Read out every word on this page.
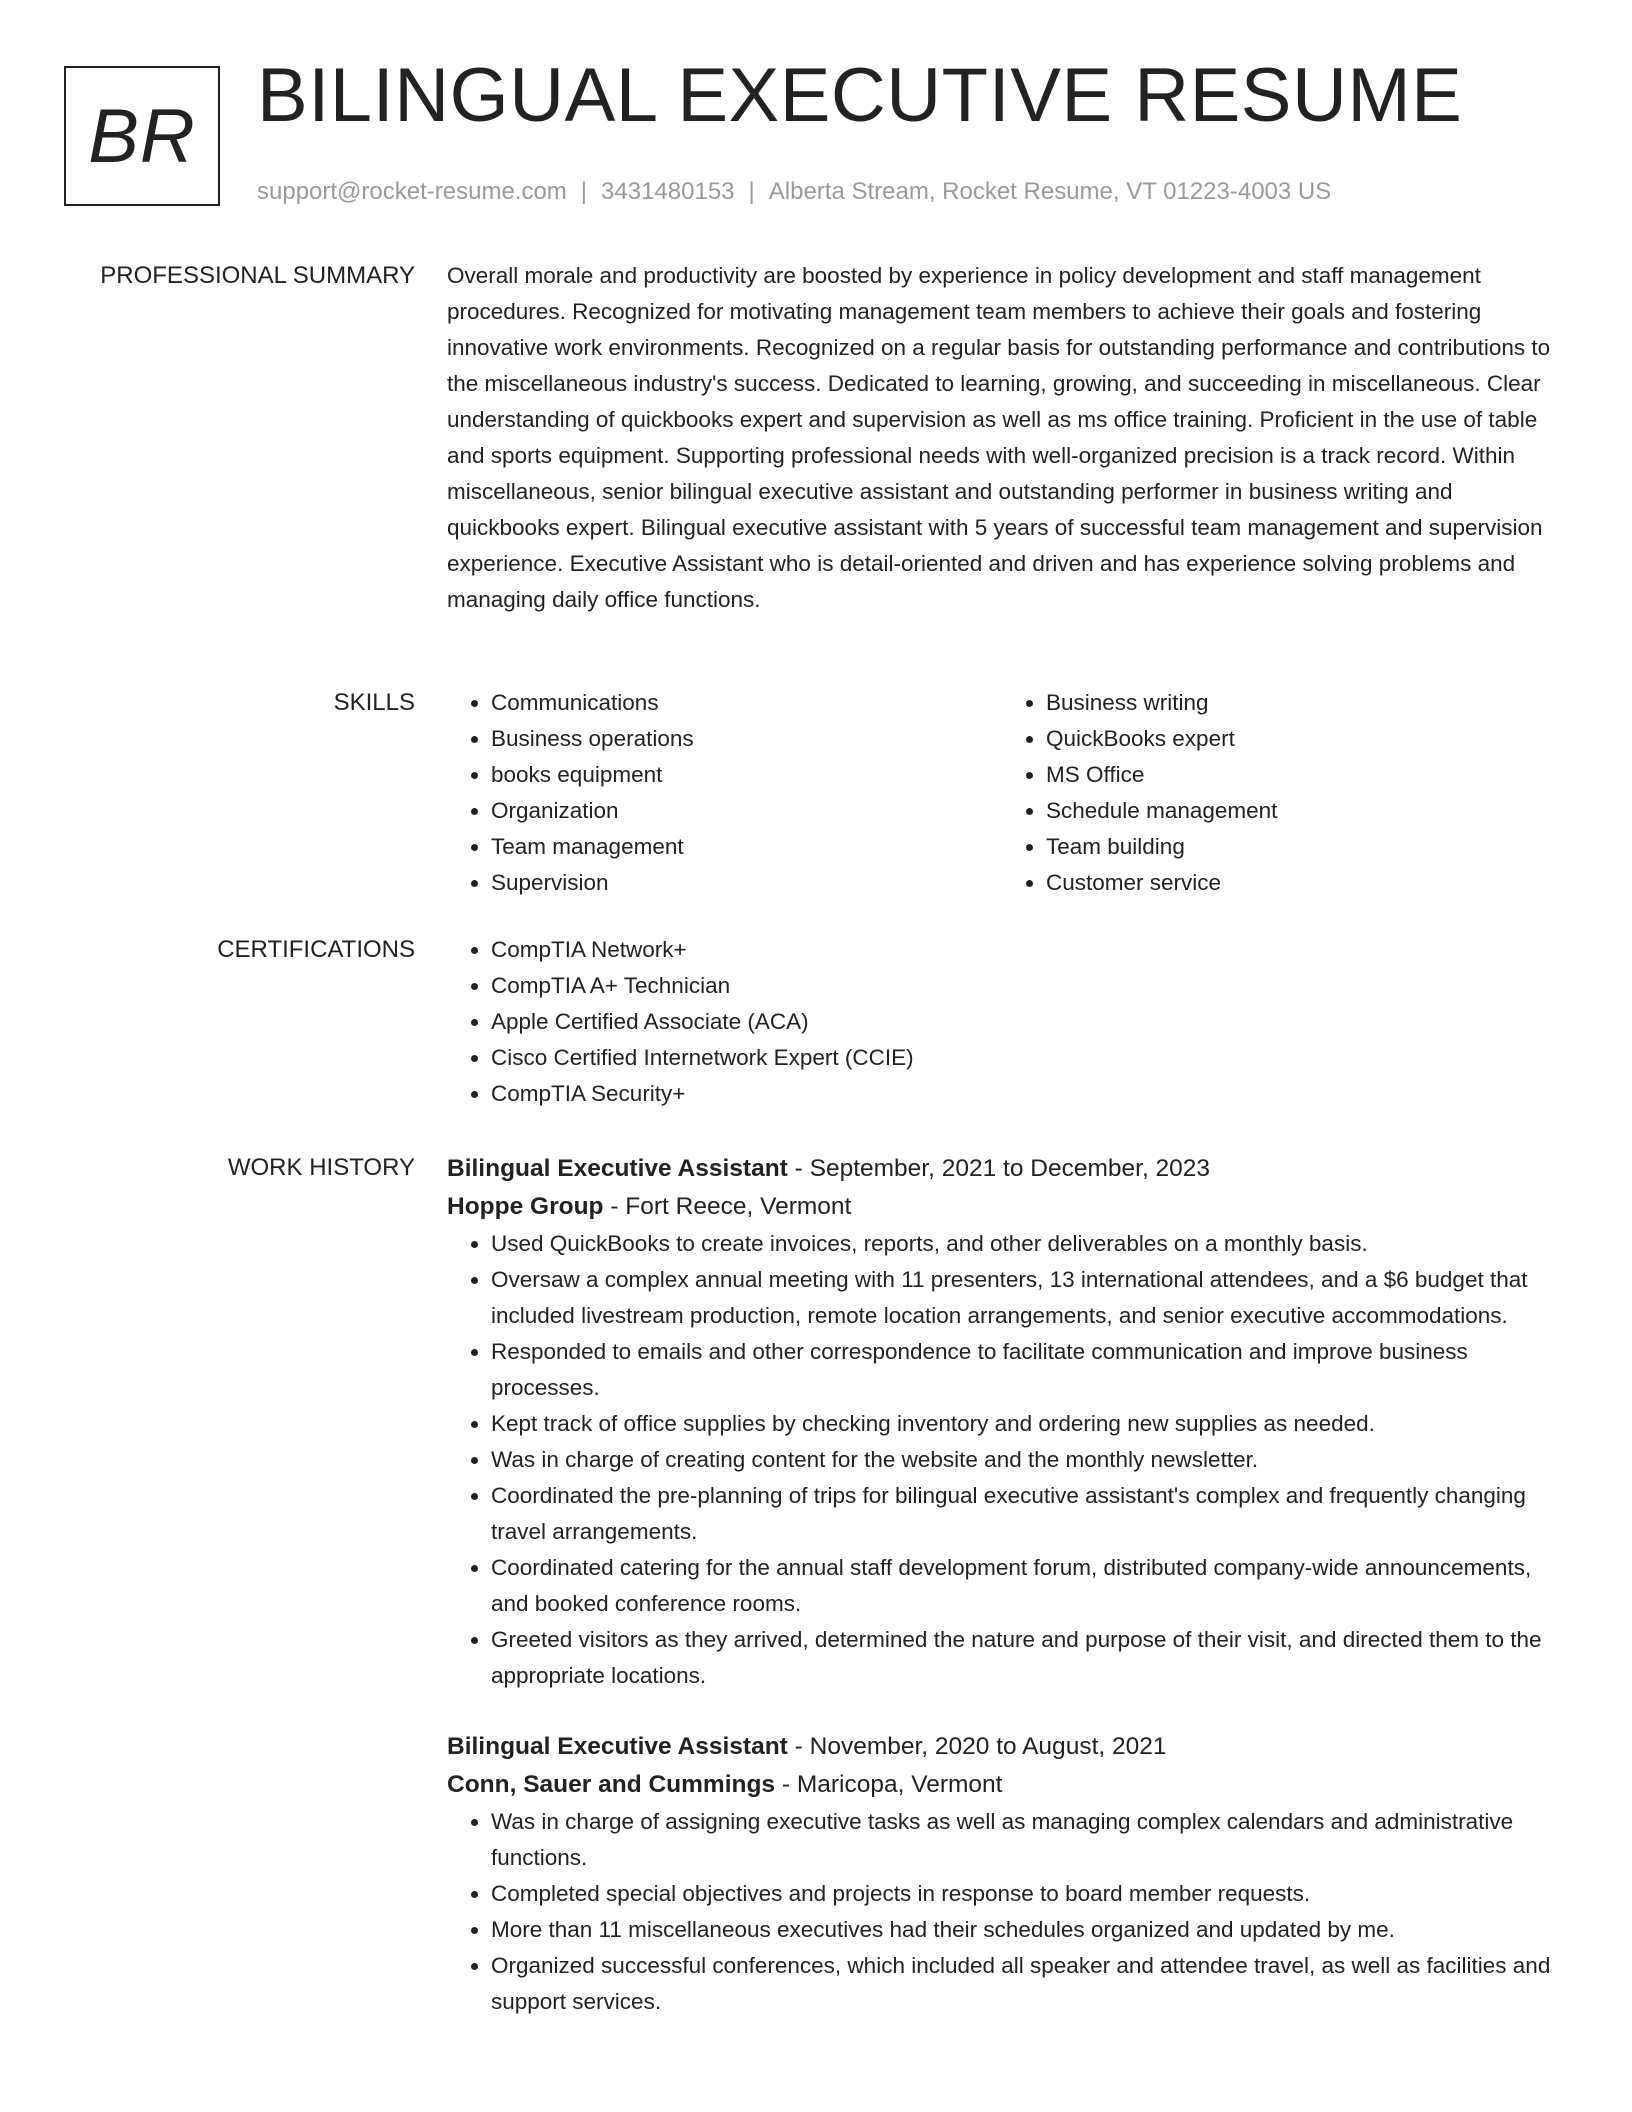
BR BILINGUAL EXECUTIVE RESUME
support@rocket-resume.com | 3431480153 | Alberta Stream, Rocket Resume, VT 01223-4003 US
PROFESSIONAL SUMMARY Overall morale and productivity are boosted by experience in policy development and staff management procedures. Recognized for motivating management team members to achieve their goals and fostering innovative work environments. Recognized on a regular basis for outstanding performance and contributions to the miscellaneous industry's success. Dedicated to learning, growing, and succeeding in miscellaneous. Clear understanding of quickbooks expert and supervision as well as ms office training. Proficient in the use of table and sports equipment. Supporting professional needs with well-organized precision is a track record. Within miscellaneous, senior bilingual executive assistant and outstanding performer in business writing and quickbooks expert. Bilingual executive assistant with 5 years of successful team management and supervision experience. Executive Assistant who is detail-oriented and driven and has experience solving problems and managing daily office functions.

SKILLS	• Communications
• Business operations
• books equipment
• Organization
• Team management
• Supervision
• Business writing
• QuickBooks expert
• MS Office
• Schedule management
• Team building
• Customer service
CERTIFICATIONS	• CompTIA Network+
• CompTIA A+ Technician
• Apple Certified Associate (ACA)
• Cisco Certified Internetwork Expert (CCIE)
• CompTIA Security+
WORK HISTORY Bilingual Executive Assistant - September, 2021 to December, 2023
Hoppe Group - Fort Reece, Vermont
• Used QuickBooks to create invoices, reports, and other deliverables on a monthly basis.
• Oversaw a complex annual meeting with 11 presenters, 13 international attendees, and a $6 budget that included livestream production, remote location arrangements, and senior executive accommodations.
• Responded to emails and other correspondence to facilitate communication and improve business processes.
• Kept track of office supplies by checking inventory and ordering new supplies as needed.
• Was in charge of creating content for the website and the monthly newsletter.
• Coordinated the pre-planning of trips for bilingual executive assistant's complex and frequently changing travel arrangements.
• Coordinated catering for the annual staff development forum, distributed company-wide announcements, and booked conference rooms.
• Greeted visitors as they arrived, determined the nature and purpose of their visit, and directed them to the appropriate locations.
Bilingual Executive Assistant - November, 2020 to August, 2021
Conn, Sauer and Cummings - Maricopa, Vermont
• Was in charge of assigning executive tasks as well as managing complex calendars and administrative functions.
• Completed special objectives and projects in response to board member requests.
• More than 11 miscellaneous executives had their schedules organized and updated by me.
• Organized successful conferences, which included all speaker and attendee travel, as well as facilities and support services.
